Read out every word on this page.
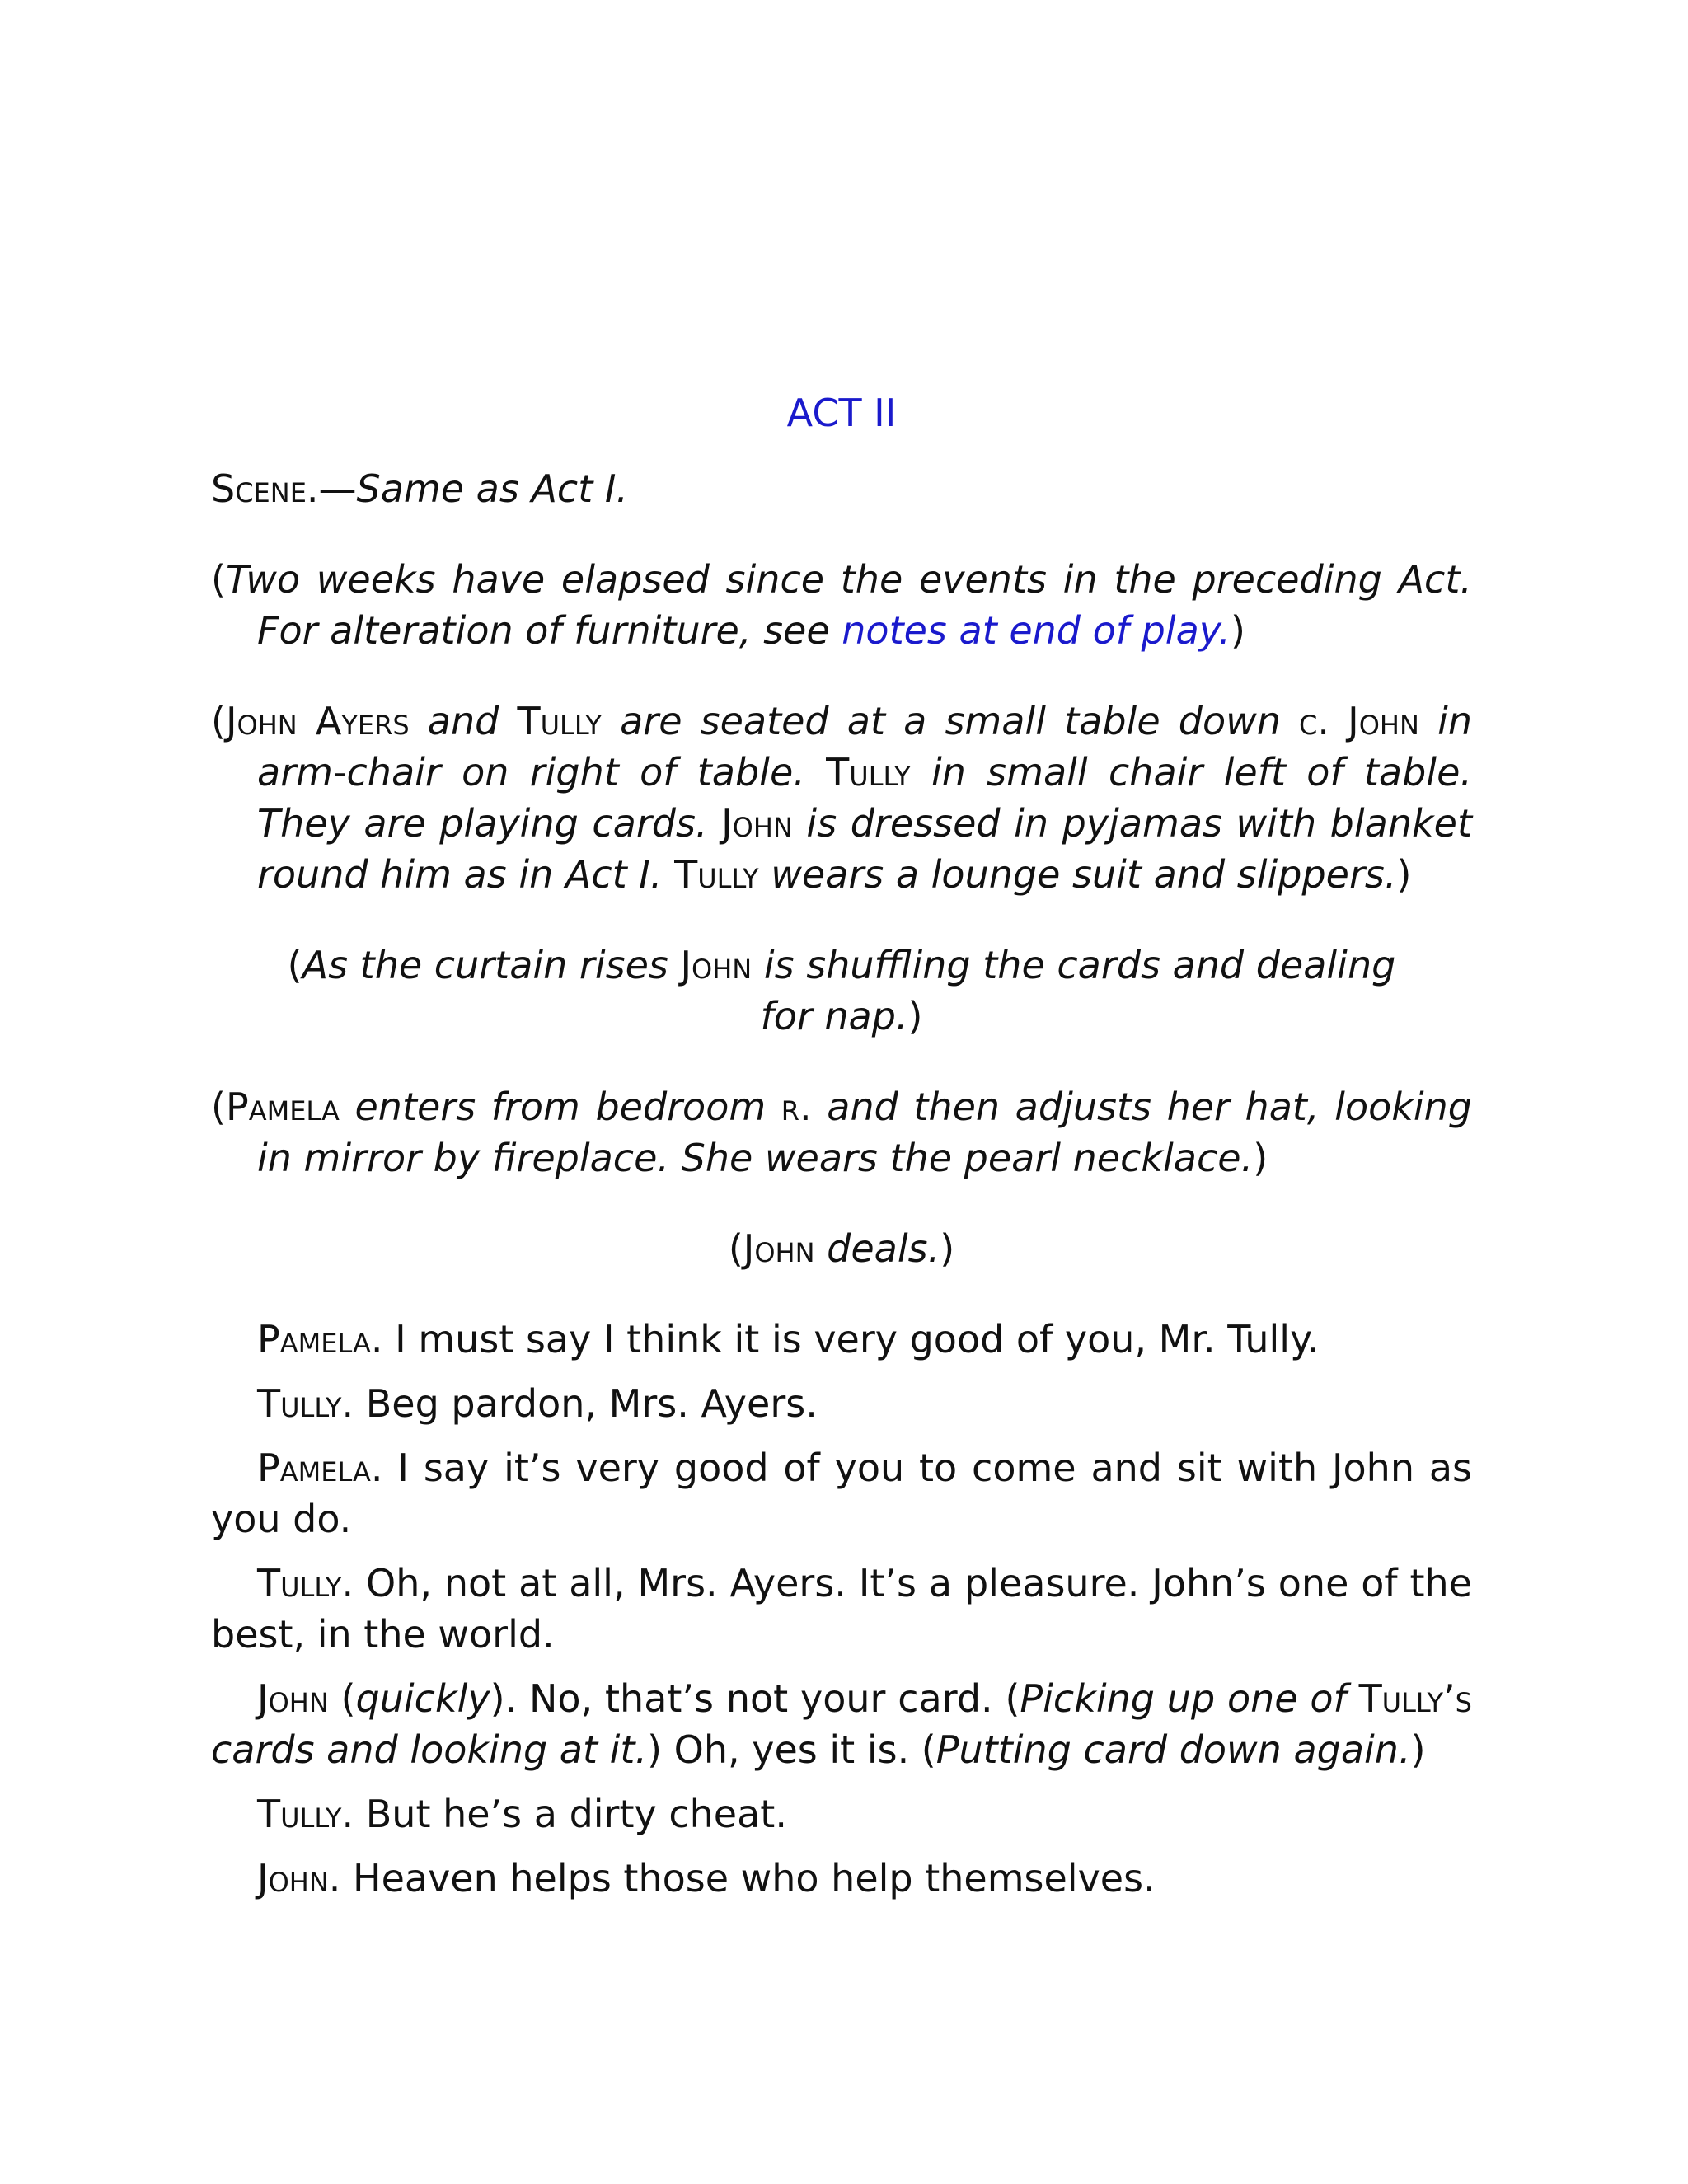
ACT II

Scene.—Same as Act I.

(Two weeks have elapsed since the events in the preceding Act. For alteration of furniture, see notes at end of play.)

(John Ayers and Tully are seated at a small table down c. John in arm-chair on right of table. Tully in small chair left of table. They are playing cards. John is dressed in pyjamas with blanket round him as in Act I. Tully wears a lounge suit and slippers.)

(As the curtain rises John is shuffling the cards and dealing for nap.)

(Pamela enters from bedroom r. and then adjusts her hat, looking in mirror by fireplace. She wears the pearl necklace.)

(John deals.)

Pamela. I must say I think it is very good of you, Mr. Tully.

Tully. Beg pardon, Mrs. Ayers.

Pamela. I say it’s very good of you to come and sit with John as you do.

Tully. Oh, not at all, Mrs. Ayers. It’s a pleasure. John’s one of the best, in the world.

John (quickly). No, that’s not your card. (Picking up one of Tully’s cards and looking at it.) Oh, yes it is. (Putting card down again.)

Tully. But he’s a dirty cheat.

John. Heaven helps those who help themselves.
